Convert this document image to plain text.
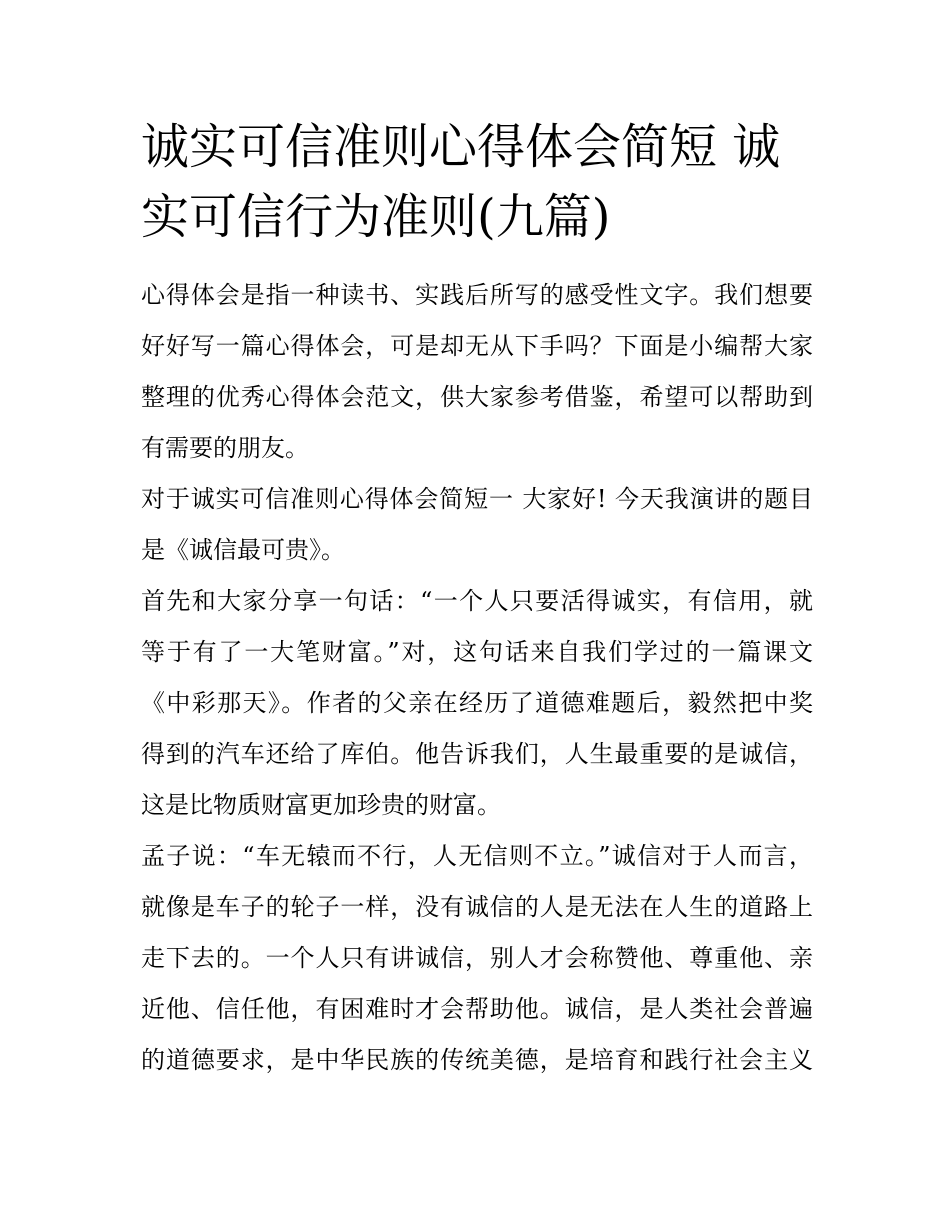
诚实可信准则心得体会简短 诚
实可信行为准则(九篇)

心得体会是指一种读书、实践后所写的感受性文字。我们想要
好好写一篇心得体会，可是却无从下手吗？下面是小编帮大家
整理的优秀心得体会范文，供大家参考借鉴，希望可以帮助到
有需要的朋友。

对于诚实可信准则心得体会简短一 大家好! 今天我演讲的题目
是《诚信最可贵》。

首先和大家分享一句话：“一个人只要活得诚实，有信用，就
等于有了一大笔财富。”对，这句话来自我们学过的一篇课文
《中彩那天》。作者的父亲在经历了道德难题后，毅然把中奖
得到的汽车还给了库伯。他告诉我们，人生最重要的是诚信，
这是比物质财富更加珍贵的财富。

孟子说：“车无辕而不行，人无信则不立。”诚信对于人而言，
就像是车子的轮子一样，没有诚信的人是无法在人生的道路上
走下去的。一个人只有讲诚信，别人才会称赞他、尊重他、亲
近他、信任他，有困难时才会帮助他。诚信，是人类社会普遍
的道德要求，是中华民族的传统美德，是培育和践行社会主义
